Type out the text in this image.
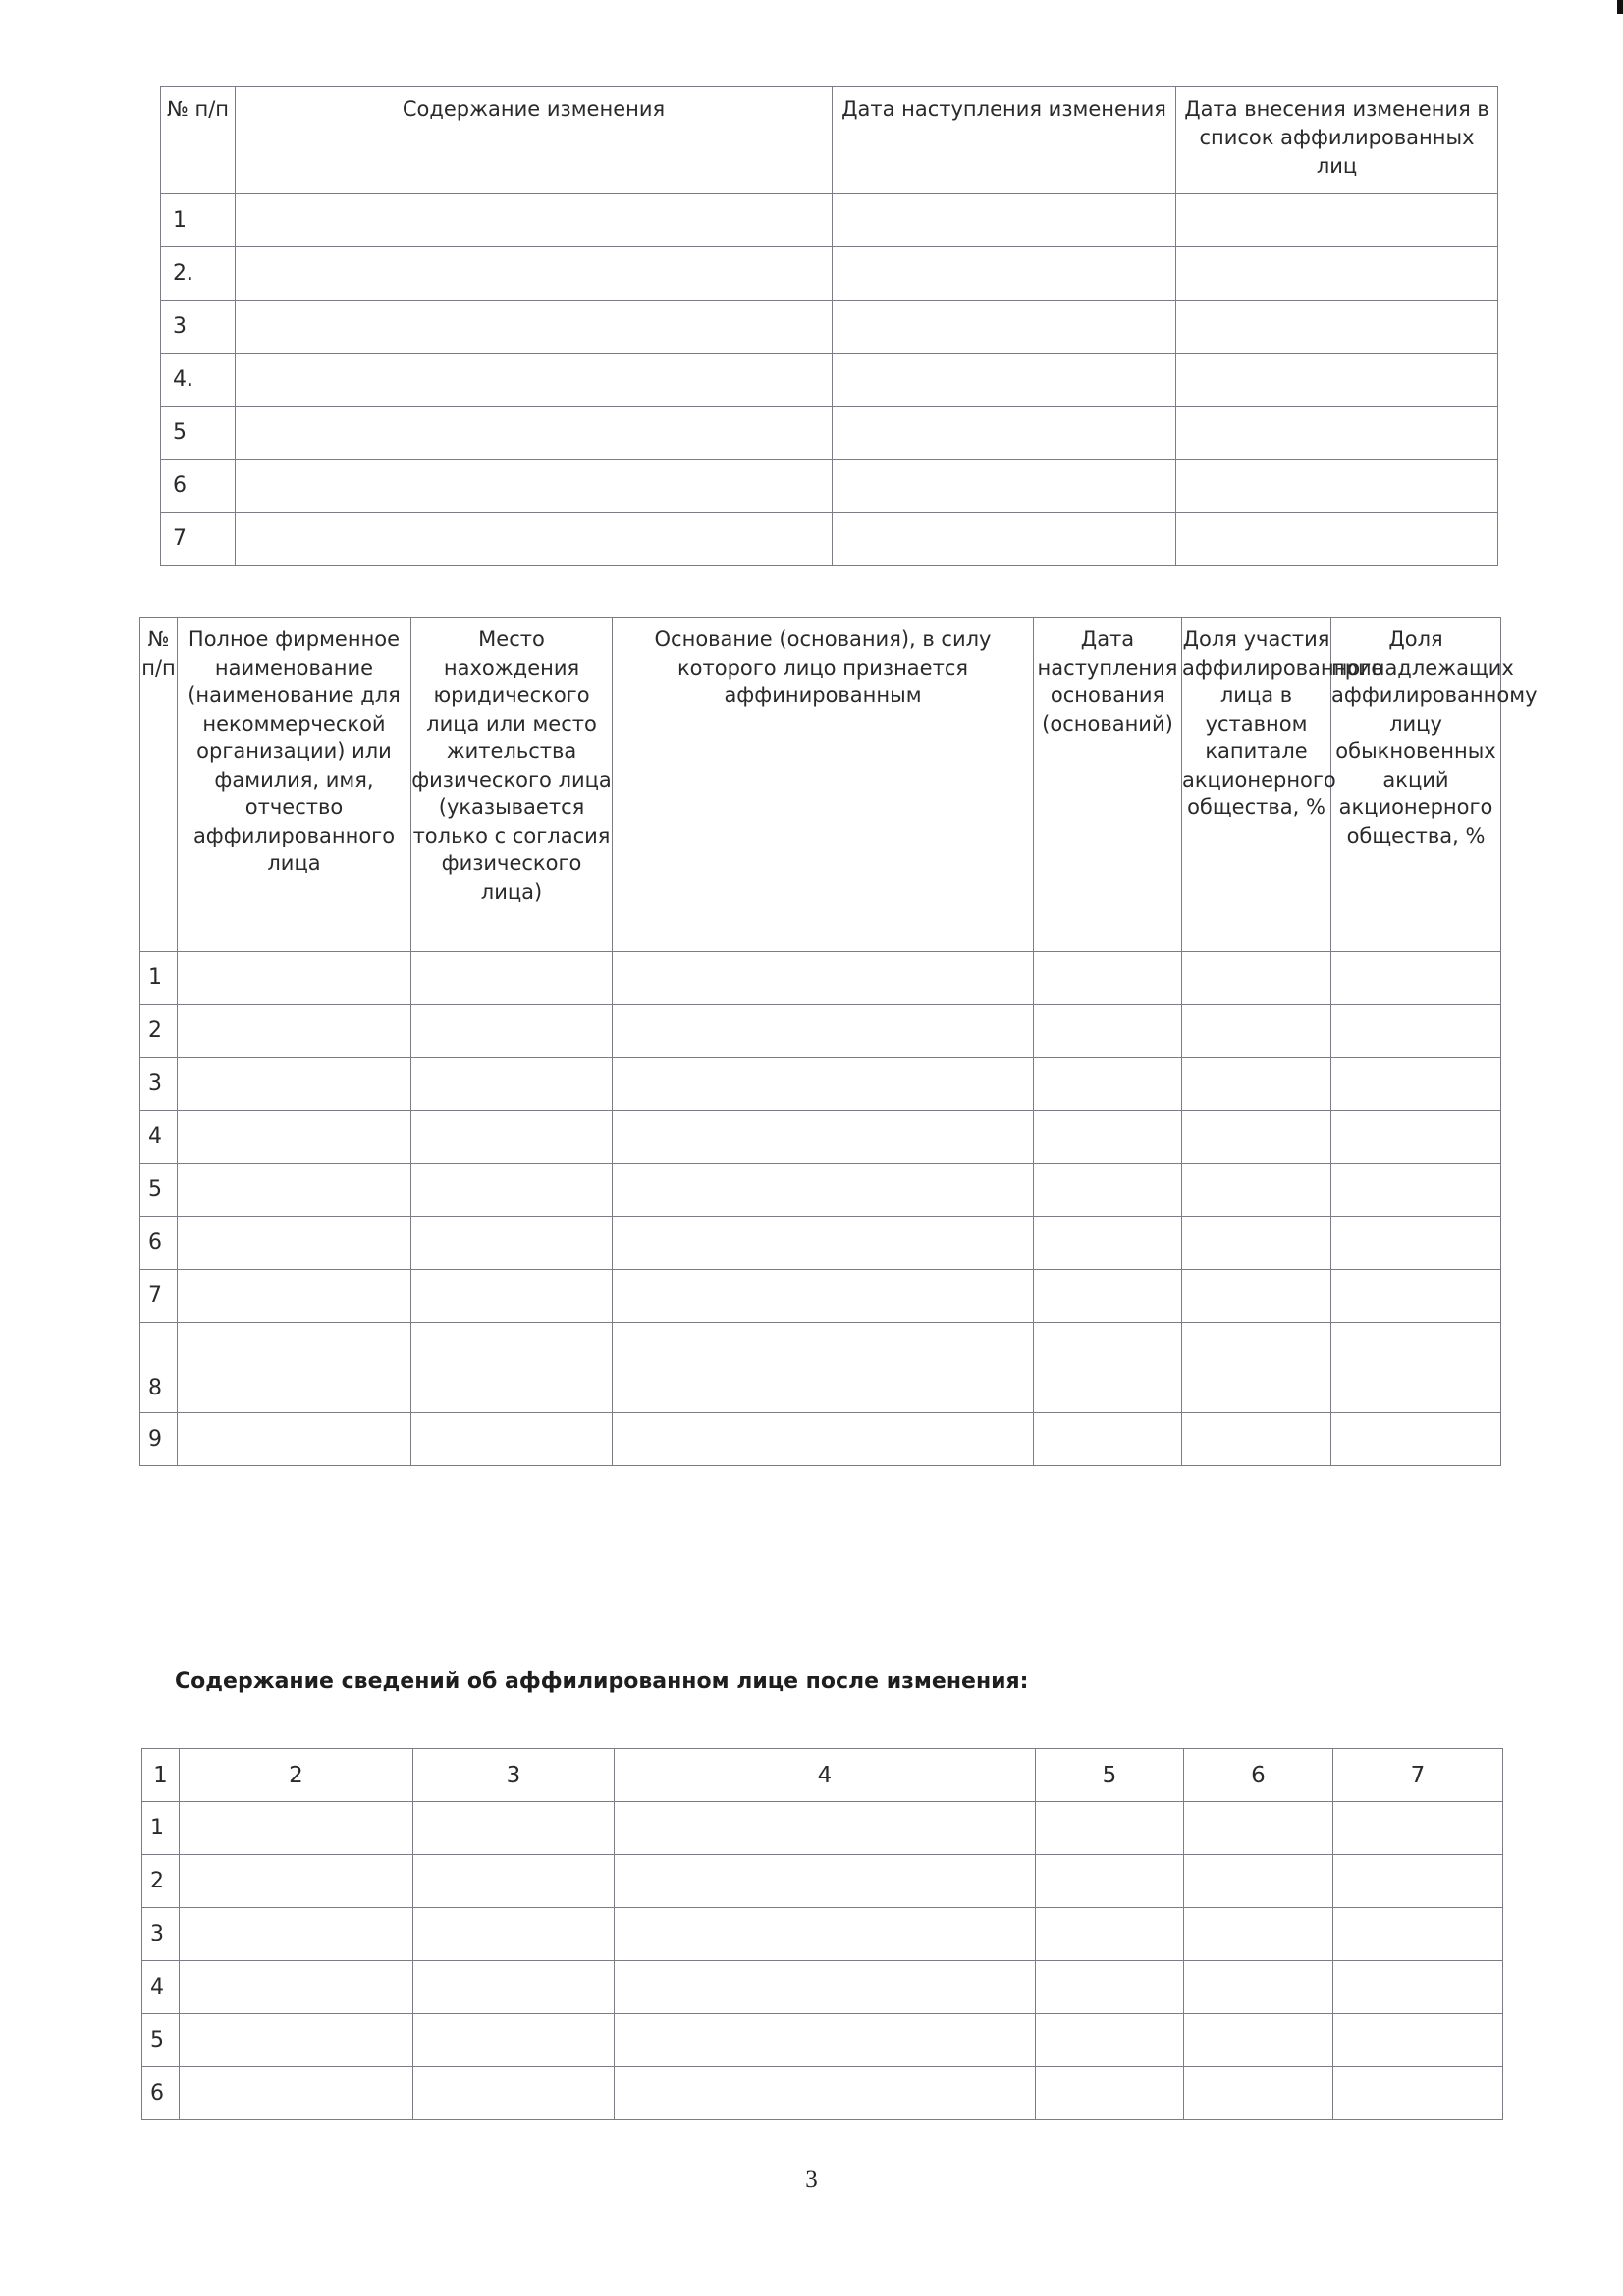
№ п/п	Содержание изменения	Дата наступления изменения	Дата внесения изменения в список аффилированных лиц
1			
2.			
3			
4.			
5			
6			
7			
№ п/п	Полное фирменное наименование (наименование для некоммерческой организации) или фамилия, имя, отчество аффилированного лица	Место нахождения юридического лица или место жительства физического лица (указывается только с согласия физического лица)	Основание (основания), в силу которого лицо признается аффинированным	Дата наступления основания (оснований)	Доля участия аффилированного лица в уставном капитале акционерного общества, %	Доля принадлежащих аффилированному лицу обыкновенных акций акционерного общества, %
1						
2						
3						
4						
5						
6						
7						
8						
9						
Содержание сведений об аффилированном лице после изменения:
1	2	3	4	5	6	7
1						
2						
3						
4						
5						
6						
3
